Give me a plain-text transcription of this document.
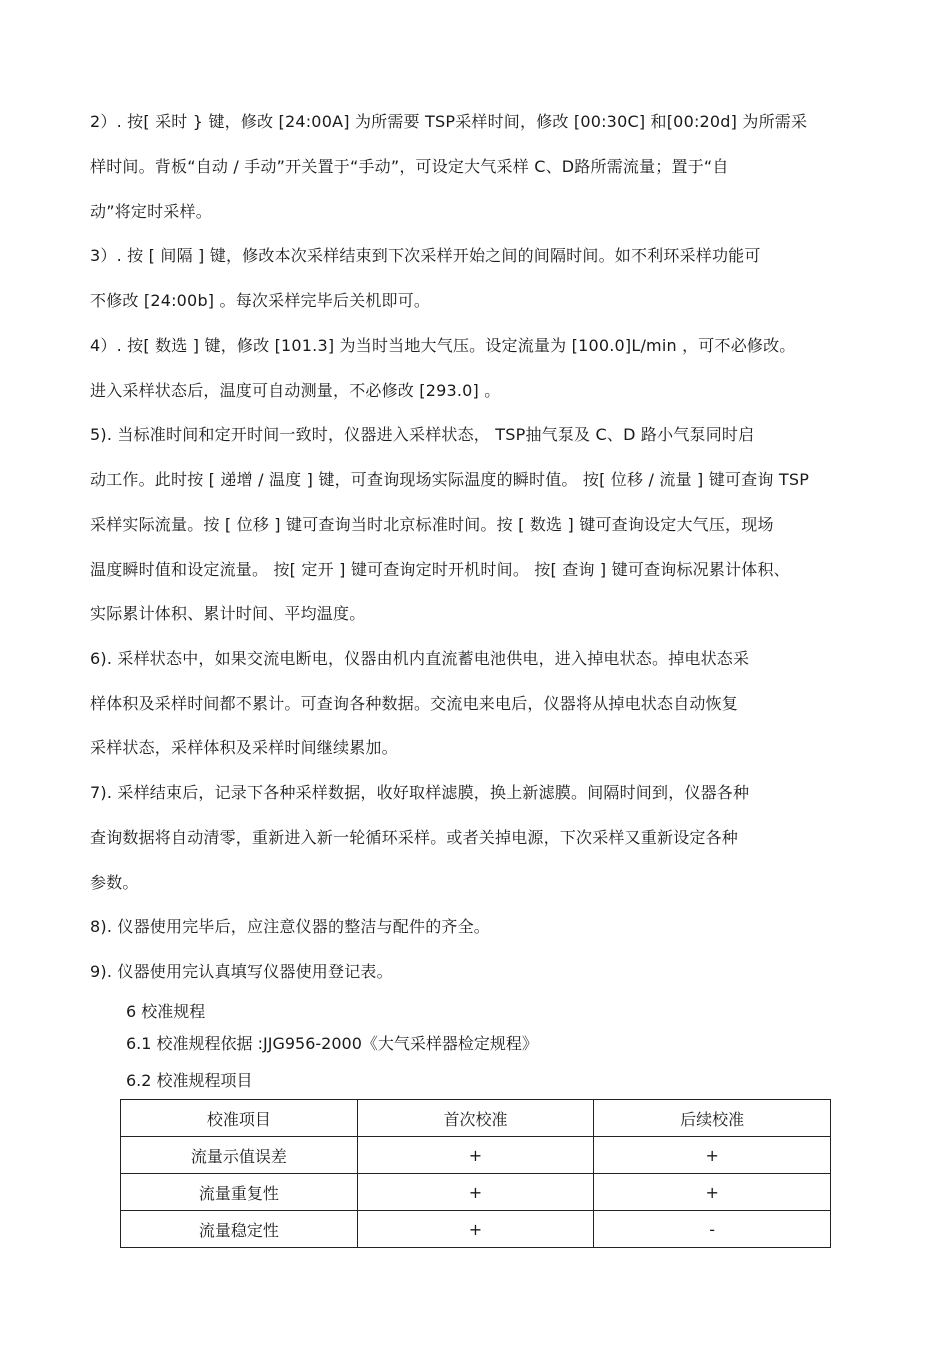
2）. 按[ 采时 } 键，修改 [24:00A] 为所需要 TSP采样时间，修改 [00:30C] 和[00:20d] 为所需采
样时间。背板“自动 / 手动”开关置于“手动”，可设定大气采样 C、D路所需流量；置于“自
动”将定时采样。
3）. 按 [ 间隔 ] 键，修改本次采样结束到下次采样开始之间的间隔时间。如不利环采样功能可
不修改 [24:00b] 。每次采样完毕后关机即可。
4）. 按[ 数选 ] 键，修改 [101.3] 为当时当地大气压。设定流量为 [100.0]L/min ，可不必修改。
进入采样状态后，温度可自动测量，不必修改 [293.0] 。
5). 当标准时间和定开时间一致时，仪器进入采样状态， TSP抽气泵及 C、D 路小气泵同时启
动工作。此时按 [ 递增 / 温度 ] 键，可查询现场实际温度的瞬时值。 按[ 位移 / 流量 ] 键可查询 TSP
采样实际流量。按 [ 位移 ] 键可查询当时北京标准时间。按 [ 数选 ] 键可查询设定大气压，现场
温度瞬时值和设定流量。 按[ 定开 ] 键可查询定时开机时间。 按[ 查询 ] 键可查询标况累计体积、
实际累计体积、累计时间、平均温度。
6). 采样状态中，如果交流电断电，仪器由机内直流蓄电池供电，进入掉电状态。掉电状态采
样体积及采样时间都不累计。可查询各种数据。交流电来电后，仪器将从掉电状态自动恢复
采样状态，采样体积及采样时间继续累加。
7). 采样结束后，记录下各种采样数据，收好取样滤膜，换上新滤膜。间隔时间到，仪器各种
查询数据将自动清零，重新进入新一轮循环采样。或者关掉电源，下次采样又重新设定各种
参数。
8). 仪器使用完毕后，应注意仪器的整洁与配件的齐全。
9). 仪器使用完认真填写仪器使用登记表。
6 校准规程
6.1 校准规程依据 :JJG956-2000《大气采样器检定规程》
6.2 校准规程项目
校准项目	首次校准	后续校准
流量示值误差	+	+
流量重复性	+	+
流量稳定性	+	-
